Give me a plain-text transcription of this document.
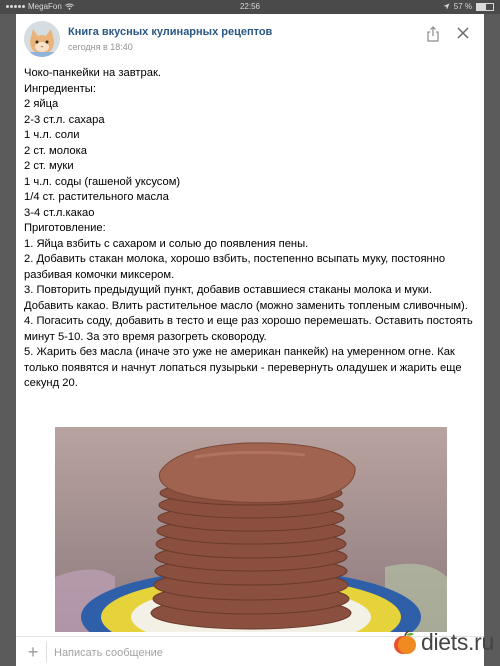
MegaFon	22:56	57 %
Книга вкусных кулинарных рецептов
сегодня в 18:40

Чоко-панкейки на завтрак.

Ингредиенты:

2 яйца

2-3 ст.л. сахара

1 ч.л. соли

2 ст. молока

2 ст. муки

1 ч.л. соды (гашеной уксусом)

1/4 ст. растительного масла

3-4 ст.л.какао

Приготовление:

1. Яйца взбить с сахаром и солью до появления пены.

2. Добавить стакан молока, хорошо взбить, постепенно всыпать муку, постоянно разбивая комочки миксером.

3. Повторить предыдущий пункт, добавив оставшиеся стаканы молока и муки. Добавить какао. Влить растительное масло (можно заменить топленым сливочным).

4. Погасить соду, добавить в тесто и еще раз хорошо перемешать. Оставить постоять минут 5-10. За это время разогреть сковороду.

5. Жарить без масла (иначе это уже не американ панкейк) на умеренном огне. Как только появятся и начнут лопаться пузырьки - перевернуть оладушек и жарить еще секунд 20.

+
Написать сообщение	diets.ru
